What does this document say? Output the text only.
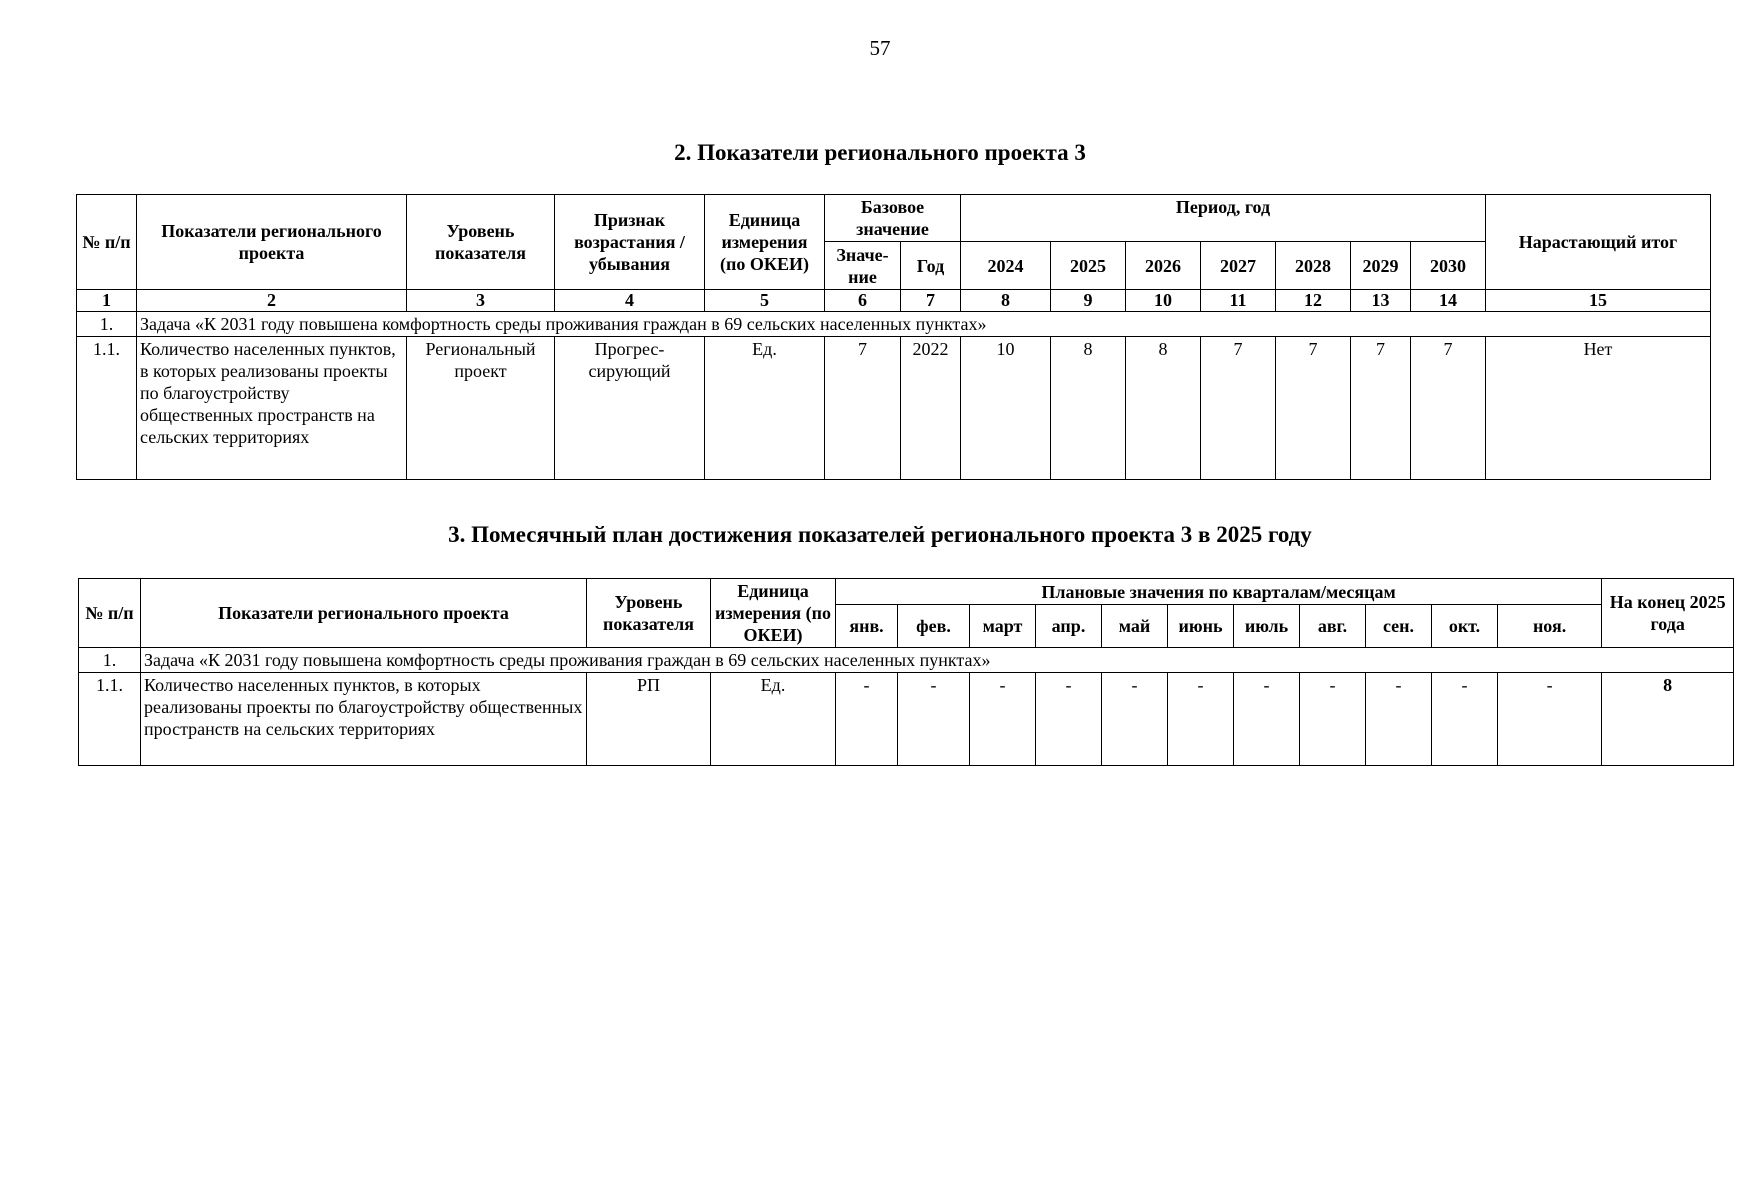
57
2. Показатели регионального проекта 3
№ п/п	Показатели регионального проекта	Уровень показателя	Признак возрастания / убывания	Единица измерения (по ОКЕИ)	Базовое значение		Период, год							Нарастающий итог
					Значе-ние	Год	2024	2025	2026	2027	2028	2029	2030	
1	2	3	4	5	6	7	8	9	10	11	12	13	14	15
1.	Задача «К 2031 году повышена комфортность среды проживания граждан в 69 сельских населенных пунктах»													
1.1.	Количество населенных пунктов, в которых реализованы проекты по благоустройству общественных пространств на сельских территориях	Региональный проект	Прогрес-сирующий	Ед.	7	2022	10	8	8	7	7	7	7	Нет
3. Помесячный план достижения показателей регионального проекта 3 в 2025 году
№ п/п	Показатели регионального проекта	Уровень показателя	Единица измерения (по ОКЕИ)	Плановые значения по кварталам/месяцам											На конец 2025 года
				янв.	фев.	март	апр.	май	июнь	июль	авг.	сен.	окт.	ноя.	
1.	Задача «К 2031 году повышена комфортность среды проживания граждан в 69 сельских населенных пунктах»														
1.1.	Количество населенных пунктов, в которых реализованы проекты по благоустройству общественных пространств на сельских территориях	РП	Ед.	-	-	-	-	-	-	-	-	-	-	-	8
